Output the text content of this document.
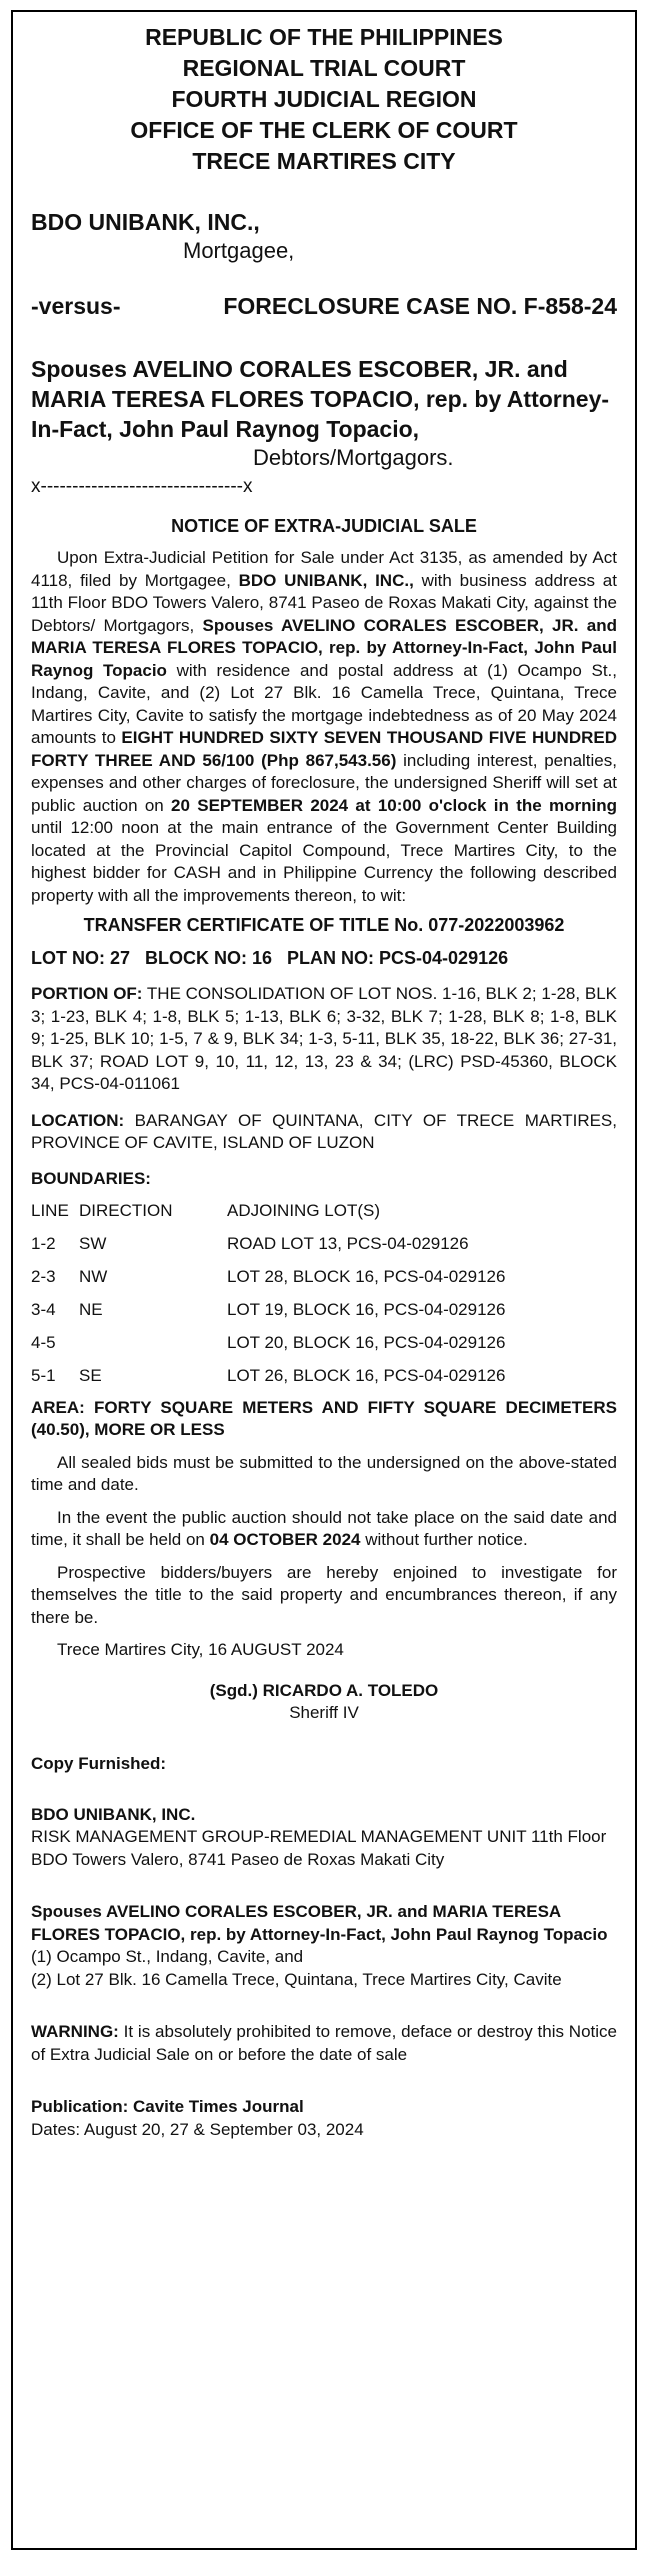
REPUBLIC OF THE PHILIPPINES
REGIONAL TRIAL COURT
FOURTH JUDICIAL REGION
OFFICE OF THE CLERK OF COURT
TRECE MARTIRES CITY
BDO UNIBANK, INC.,
Mortgagee,
-versus-	FORECLOSURE CASE NO. F-858-24
Spouses AVELINO CORALES ESCOBER, JR. and MARIA TERESA FLORES TOPACIO, rep. by Attorney-In-Fact, John Paul Raynog Topacio,
Debtors/Mortgagors.
x--------------------------------x
NOTICE OF EXTRA-JUDICIAL SALE

Upon Extra-Judicial Petition for Sale under Act 3135, as amended by Act 4118, filed by Mortgagee, BDO UNIBANK, INC., with business address at 11th Floor BDO Towers Valero, 8741 Paseo de Roxas Makati City, against the Debtors/ Mortgagors, Spouses AVELINO CORALES ESCOBER, JR. and MARIA TERESA FLORES TOPACIO, rep. by Attorney-In-Fact, John Paul Raynog Topacio with residence and postal address at (1) Ocampo St., Indang, Cavite, and (2) Lot 27 Blk. 16 Camella Trece, Quintana, Trece Martires City, Cavite to satisfy the mortgage indebtedness as of 20 May 2024 amounts to EIGHT HUNDRED SIXTY SEVEN THOUSAND FIVE HUNDRED FORTY THREE AND 56/100 (Php 867,543.56) including interest, penalties, expenses and other charges of foreclosure, the undersigned Sheriff will set at public auction on 20 SEPTEMBER 2024 at 10:00 o'clock in the morning until 12:00 noon at the main entrance of the Government Center Building located at the Provincial Capitol Compound, Trece Martires City, to the highest bidder for CASH and in Philippine Currency the following described property with all the improvements thereon, to wit:

TRANSFER CERTIFICATE OF TITLE No. 077-2022003962
LOT NO: 27   BLOCK NO: 16   PLAN NO: PCS-04-029126

PORTION OF: THE CONSOLIDATION OF LOT NOS. 1-16, BLK 2; 1-28, BLK 3; 1-23, BLK 4; 1-8, BLK 5; 1-13, BLK 6; 3-32, BLK 7; 1-28, BLK 8; 1-8, BLK 9; 1-25, BLK 10; 1-5, 7 & 9, BLK 34; 1-3, 5-11, BLK 35, 18-22, BLK 36; 27-31, BLK 37; ROAD LOT 9, 10, 11, 12, 13, 23 & 34; (LRC) PSD-45360, BLOCK 34, PCS-04-011061

LOCATION: BARANGAY OF QUINTANA, CITY OF TRECE MARTIRES, PROVINCE OF CAVITE, ISLAND OF LUZON

BOUNDARIES:
LINE	DIRECTION	ADJOINING LOT(S)
1-2	SW	ROAD LOT 13, PCS-04-029126
2-3	NW	LOT 28, BLOCK 16, PCS-04-029126
3-4	NE	LOT 19, BLOCK 16, PCS-04-029126
4-5		LOT 20, BLOCK 16, PCS-04-029126
5-1	SE	LOT 26, BLOCK 16, PCS-04-029126

AREA: FORTY SQUARE METERS AND FIFTY SQUARE DECIMETERS (40.50), MORE OR LESS

All sealed bids must be submitted to the undersigned on the above-stated time and date.

In the event the public auction should not take place on the said date and time, it shall be held on 04 OCTOBER 2024 without further notice.

Prospective bidders/buyers are hereby enjoined to investigate for themselves the title to the said property and encumbrances thereon, if any there be.

Trece Martires City, 16 AUGUST 2024

(Sgd.) RICARDO A. TOLEDO
Sheriff IV
Copy Furnished:
BDO UNIBANK, INC.
RISK MANAGEMENT GROUP-REMEDIAL MANAGEMENT UNIT 11th Floor BDO Towers Valero, 8741 Paseo de Roxas Makati City
Spouses AVELINO CORALES ESCOBER, JR. and MARIA TERESA FLORES TOPACIO, rep. by Attorney-In-Fact, John Paul Raynog Topacio
(1) Ocampo St., Indang, Cavite, and
(2) Lot 27 Blk. 16 Camella Trece, Quintana, Trece Martires City, Cavite

WARNING: It is absolutely prohibited to remove, deface or destroy this Notice of Extra Judicial Sale on or before the date of sale

Publication: Cavite Times Journal
Dates: August 20, 27 & September 03, 2024
